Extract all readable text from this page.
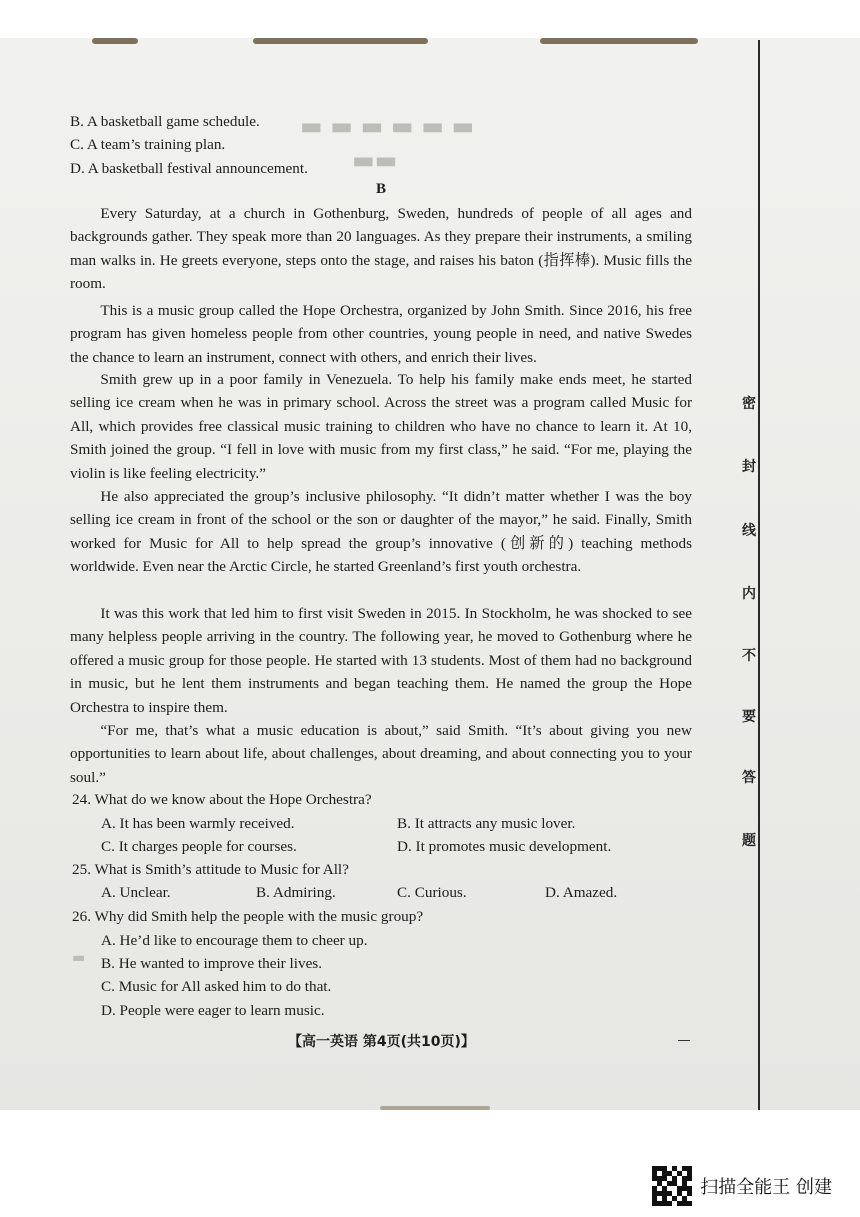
密
封
线
内
不
要
答
题
▬ ▬ ▬ ▬ ▬ ▬
▬▬
▬
B. A basketball game schedule.
C. A team’s training plan.
D. A basketball festival announcement.
B
Every Saturday, at a church in Gothenburg, Sweden, hundreds of people of all ages and backgrounds gather. They speak more than 20 languages. As they prepare their instruments, a smiling man walks in. He greets everyone, steps onto the stage, and raises his baton (指挥棒). Music fills the room.
This is a music group called the Hope Orchestra, organized by John Smith. Since 2016, his free program has given homeless people from other countries, young people in need, and native Swedes the chance to learn an instrument, connect with others, and enrich their lives.
Smith grew up in a poor family in Venezuela. To help his family make ends meet, he started selling ice cream when he was in primary school. Across the street was a program called Music for All, which provides free classical music training to children who have no chance to learn it. At 10, Smith joined the group. “I fell in love with music from my first class,” he said. “For me, playing the violin is like feeling electricity.”
He also appreciated the group’s inclusive philosophy. “It didn’t matter whether I was the boy selling ice cream in front of the school or the son or daughter of the mayor,” he said. Finally, Smith worked for Music for All to help spread the group’s innovative (创新的) teaching methods worldwide. Even near the Arctic Circle, he started Greenland’s first youth orchestra.
It was this work that led him to first visit Sweden in 2015. In Stockholm, he was shocked to see many helpless people arriving in the country. The following year, he moved to Gothenburg where he offered a music group for those people. He started with 13 students. Most of them had no background in music, but he lent them instruments and began teaching them. He named the group the Hope Orchestra to inspire them.
“For me, that’s what a music education is about,” said Smith. “It’s about giving you new opportunities to learn about life, about challenges, about dreaming, and about connecting you to your soul.”
24. What do we know about the Hope Orchestra?
A. It has been warmly received.	B. It attracts any music lover.
C. It charges people for courses.	D. It promotes music development.
25. What is Smith’s attitude to Music for All?
A. Unclear.	B. Admiring.	C. Curious.	D. Amazed.
26. Why did Smith help the people with the music group?
A. He’d like to encourage them to cheer up.
B. He wanted to improve their lives.
C. Music for All asked him to do that.
D. People were eager to learn music.
【高一英语 第4页(共10页)】
扫描全能王 创建
